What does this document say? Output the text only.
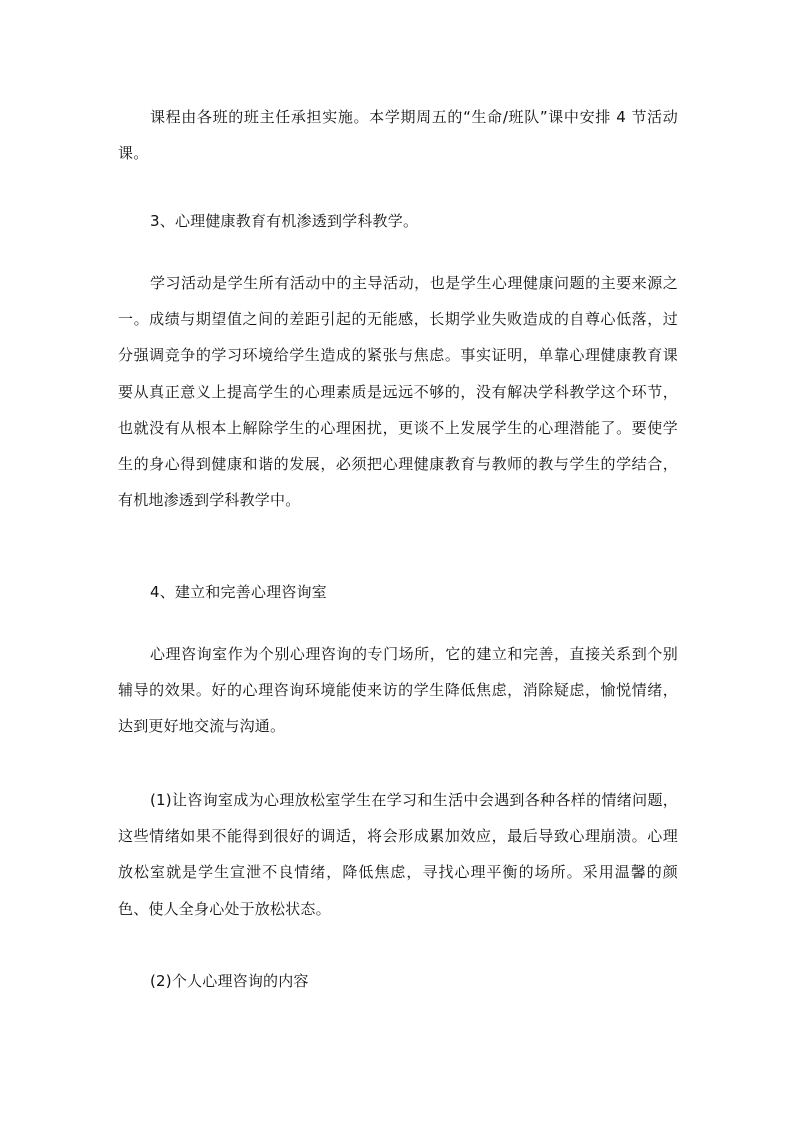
课程由各班的班主任承担实施。本学期周五的“生命/班队”课中安排 4 节活动课。

3、心理健康教育有机渗透到学科教学。

学习活动是学生所有活动中的主导活动，也是学生心理健康问题的主要来源之一。成绩与期望值之间的差距引起的无能感，长期学业失败造成的自尊心低落，过分强调竞争的学习环境给学生造成的紧张与焦虑。事实证明，单靠心理健康教育课要从真正意义上提高学生的心理素质是远远不够的，没有解决学科教学这个环节，也就没有从根本上解除学生的心理困扰，更谈不上发展学生的心理潜能了。要使学生的身心得到健康和谐的发展，必须把心理健康教育与教师的教与学生的学结合，有机地渗透到学科教学中。

4、建立和完善心理咨询室

心理咨询室作为个别心理咨询的专门场所，它的建立和完善，直接关系到个别辅导的效果。好的心理咨询环境能使来访的学生降低焦虑，消除疑虑，愉悦情绪，达到更好地交流与沟通。

(1)让咨询室成为心理放松室学生在学习和生活中会遇到各种各样的情绪问题，这些情绪如果不能得到很好的调适，将会形成累加效应，最后导致心理崩溃。心理放松室就是学生宣泄不良情绪，降低焦虑，寻找心理平衡的场所。采用温馨的颜色、使人全身心处于放松状态。

(2)个人心理咨询的内容
